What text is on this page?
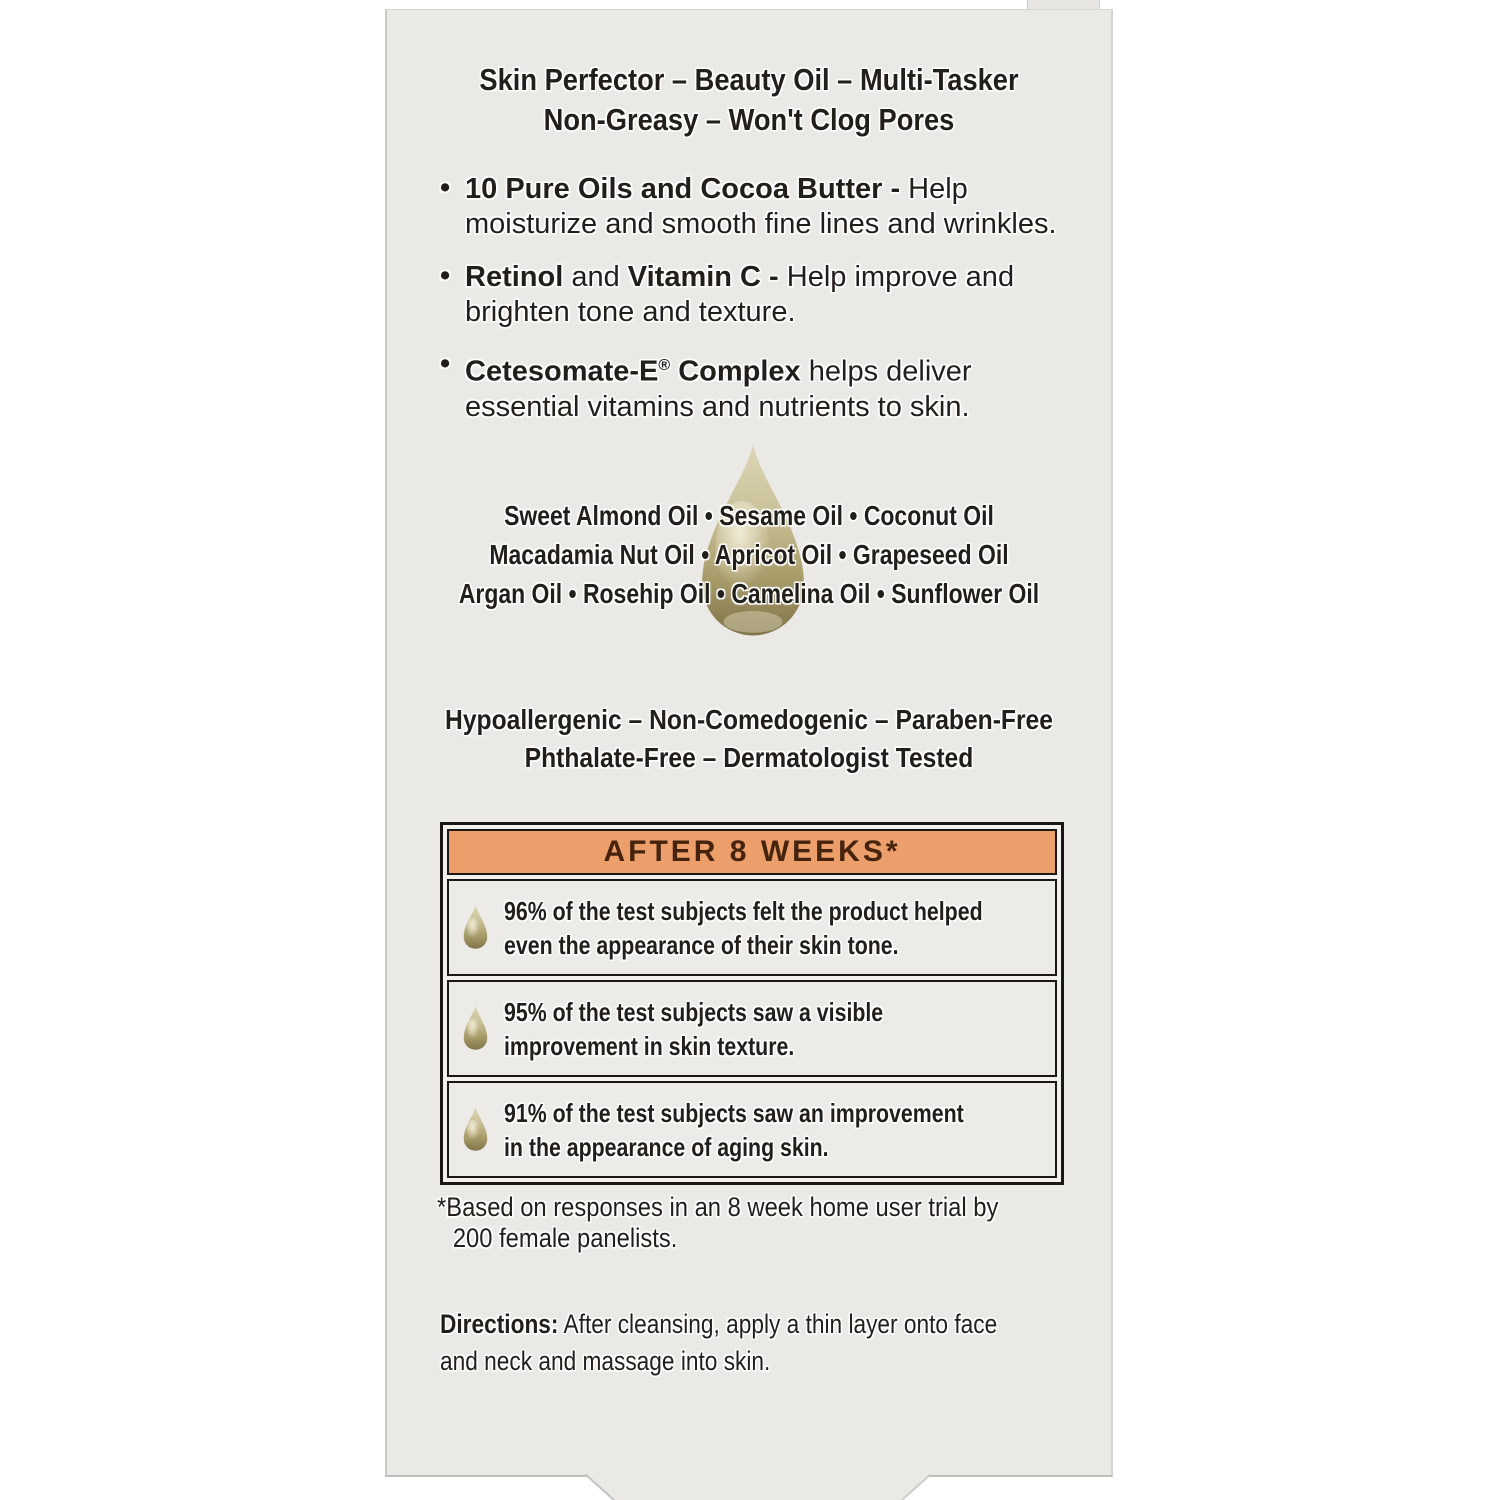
Skin Perfector – Beauty Oil – Multi-Tasker
Non-Greasy – Won't Clog Pores
• 10 Pure Oils and Cocoa Butter - Help
moisturize and smooth fine lines and wrinkles.
• Retinol and Vitamin C - Help improve and
brighten tone and texture.
• Cetesomate-E® Complex helps deliver
essential vitamins and nutrients to skin.
Sweet Almond Oil • Sesame Oil • Coconut Oil
Macadamia Nut Oil • Apricot Oil • Grapeseed Oil
Argan Oil • Rosehip Oil • Camelina Oil • Sunflower Oil
Hypoallergenic – Non-Comedogenic – Paraben-Free
Phthalate-Free – Dermatologist Tested
AFTER 8 WEEKS*
96% of the test subjects felt the product helped
even the appearance of their skin tone.
95% of the test subjects saw a visible
improvement in skin texture.
91% of the test subjects saw an improvement
in the appearance of aging skin.
*Based on responses in an 8 week home user trial by
200 female panelists.
Directions: After cleansing, apply a thin layer onto face
and neck and massage into skin.
